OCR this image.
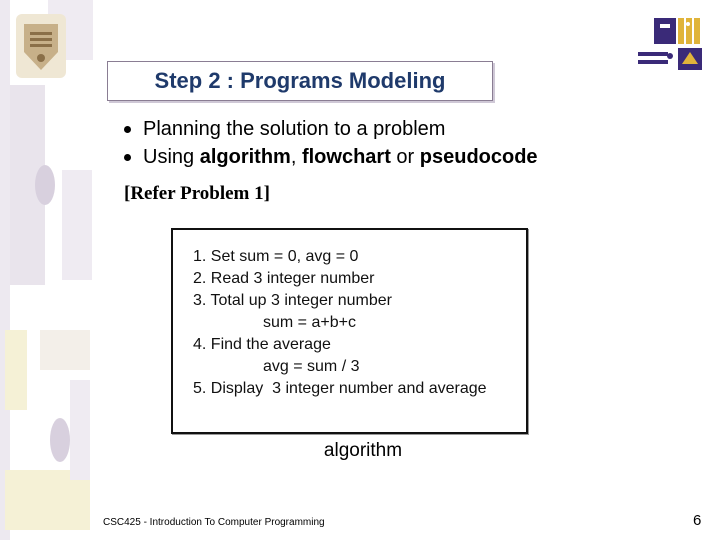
Step 2 : Programs Modeling
Planning the solution to a problem
Using algorithm, flowchart or pseudocode
[Refer Problem 1]
1. Set sum = 0, avg = 0
2. Read 3 integer number
3. Total up 3 integer number
sum = a+b+c
4. Find the average
avg = sum / 3
5. Display  3 integer number and average
algorithm
CSC425 - Introduction To Computer Programming	6
